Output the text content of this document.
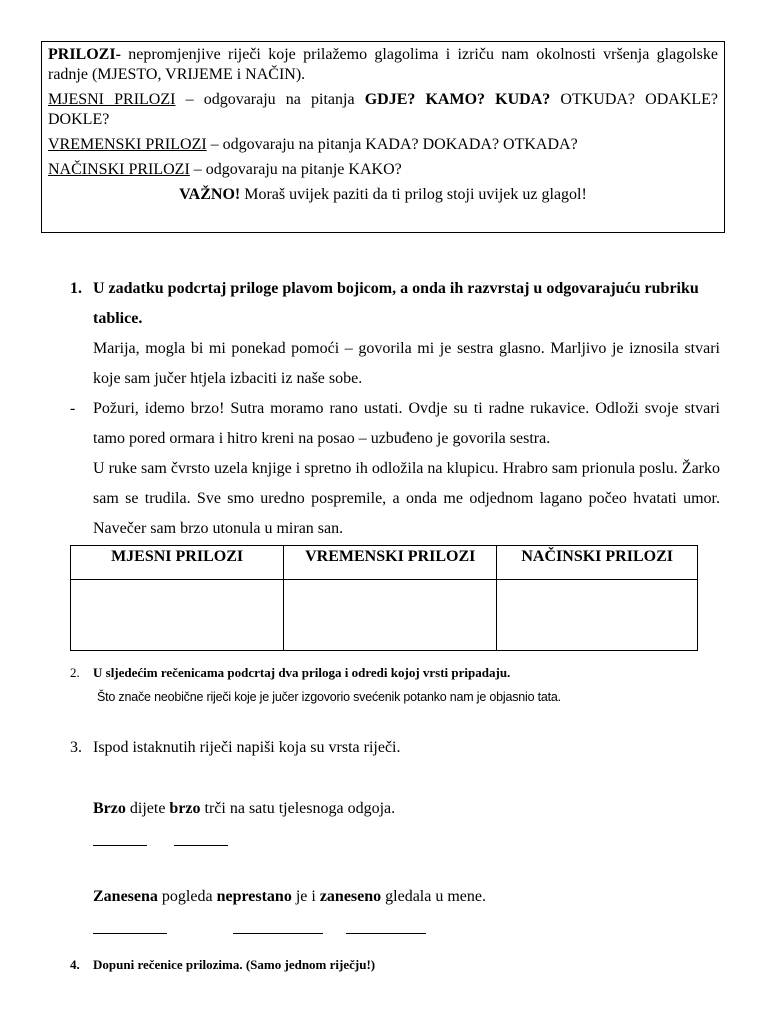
PRILOZI- nepromjenjive riječi koje prilažemo glagolima i izriču nam okolnosti vršenja glagolske radnje (MJESTO, VRIJEME i NAČIN).

MJESNI PRILOZI – odgovaraju na pitanja GDJE? KAMO? KUDA? OTKUDA? ODAKLE? DOKLE?

VREMENSKI PRILOZI – odgovaraju na pitanja KADA? DOKADA? OTKADA?

NAČINSKI PRILOZI – odgovaraju na pitanje KAKO?

VAŽNO! Moraš uvijek paziti da ti prilog stoji uvijek uz glagol!

1. U zadatku podcrtaj priloge plavom bojicom, a onda ih razvrstaj u odgovarajuću rubriku tablice.
Marija, mogla bi mi ponekad pomoći – govorila mi je sestra glasno. Marljivo je iznosila stvari koje sam jučer htjela izbaciti iz naše sobe.
- Požuri, idemo brzo! Sutra moramo rano ustati. Ovdje su ti radne rukavice. Odloži svoje stvari tamo pored ormara i hitro kreni na posao – uzbuđeno je govorila sestra.
U ruke sam čvrsto uzela knjige i spretno ih odložila na klupicu. Hrabro sam prionula poslu. Žarko sam se trudila. Sve smo uredno pospremile, a onda me odjednom lagano počeo hvatati umor. Navečer sam brzo utonula u miran san.
MJESNI PRILOZI	VREMENSKI PRILOZI	NAČINSKI PRILOZI

2. U sljedećim rečenicama podcrtaj dva priloga i odredi kojoj vrsti pripadaju.
Što znače neobične riječi koje je jučer izgovorio svećenik potanko nam je objasnio tata.
3. Ispod istaknutih riječi napiši koja su vrsta riječi.
Brzo dijete brzo trči na satu tjelesnoga odgoja.
Zanesena pogleda neprestano je i zaneseno gledala u mene.
4. Dopuni rečenice prilozima. (Samo jednom riječju!)
